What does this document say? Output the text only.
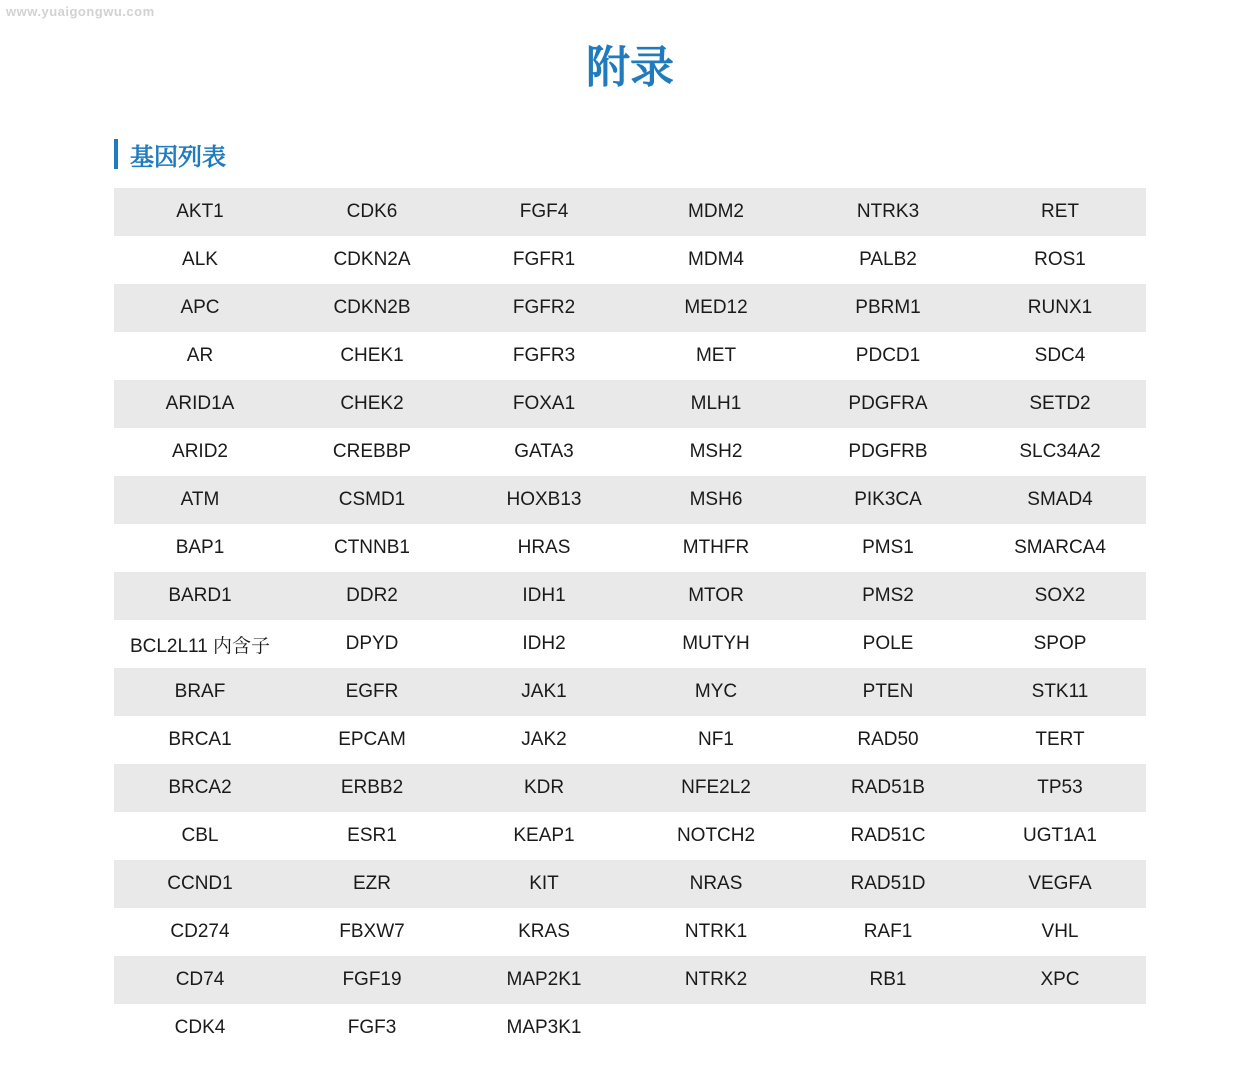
www.yuaigongwu.com
附录
基因列表
AKT1	CDK6	FGF4	MDM2	NTRK3	RET
ALK	CDKN2A	FGFR1	MDM4	PALB2	ROS1
APC	CDKN2B	FGFR2	MED12	PBRM1	RUNX1
AR	CHEK1	FGFR3	MET	PDCD1	SDC4
ARID1A	CHEK2	FOXA1	MLH1	PDGFRA	SETD2
ARID2	CREBBP	GATA3	MSH2	PDGFRB	SLC34A2
ATM	CSMD1	HOXB13	MSH6	PIK3CA	SMAD4
BAP1	CTNNB1	HRAS	MTHFR	PMS1	SMARCA4
BARD1	DDR2	IDH1	MTOR	PMS2	SOX2
BCL2L11 内含子	DPYD	IDH2	MUTYH	POLE	SPOP
BRAF	EGFR	JAK1	MYC	PTEN	STK11
BRCA1	EPCAM	JAK2	NF1	RAD50	TERT
BRCA2	ERBB2	KDR	NFE2L2	RAD51B	TP53
CBL	ESR1	KEAP1	NOTCH2	RAD51C	UGT1A1
CCND1	EZR	KIT	NRAS	RAD51D	VEGFA
CD274	FBXW7	KRAS	NTRK1	RAF1	VHL
CD74	FGF19	MAP2K1	NTRK2	RB1	XPC
CDK4	FGF3	MAP3K1			
